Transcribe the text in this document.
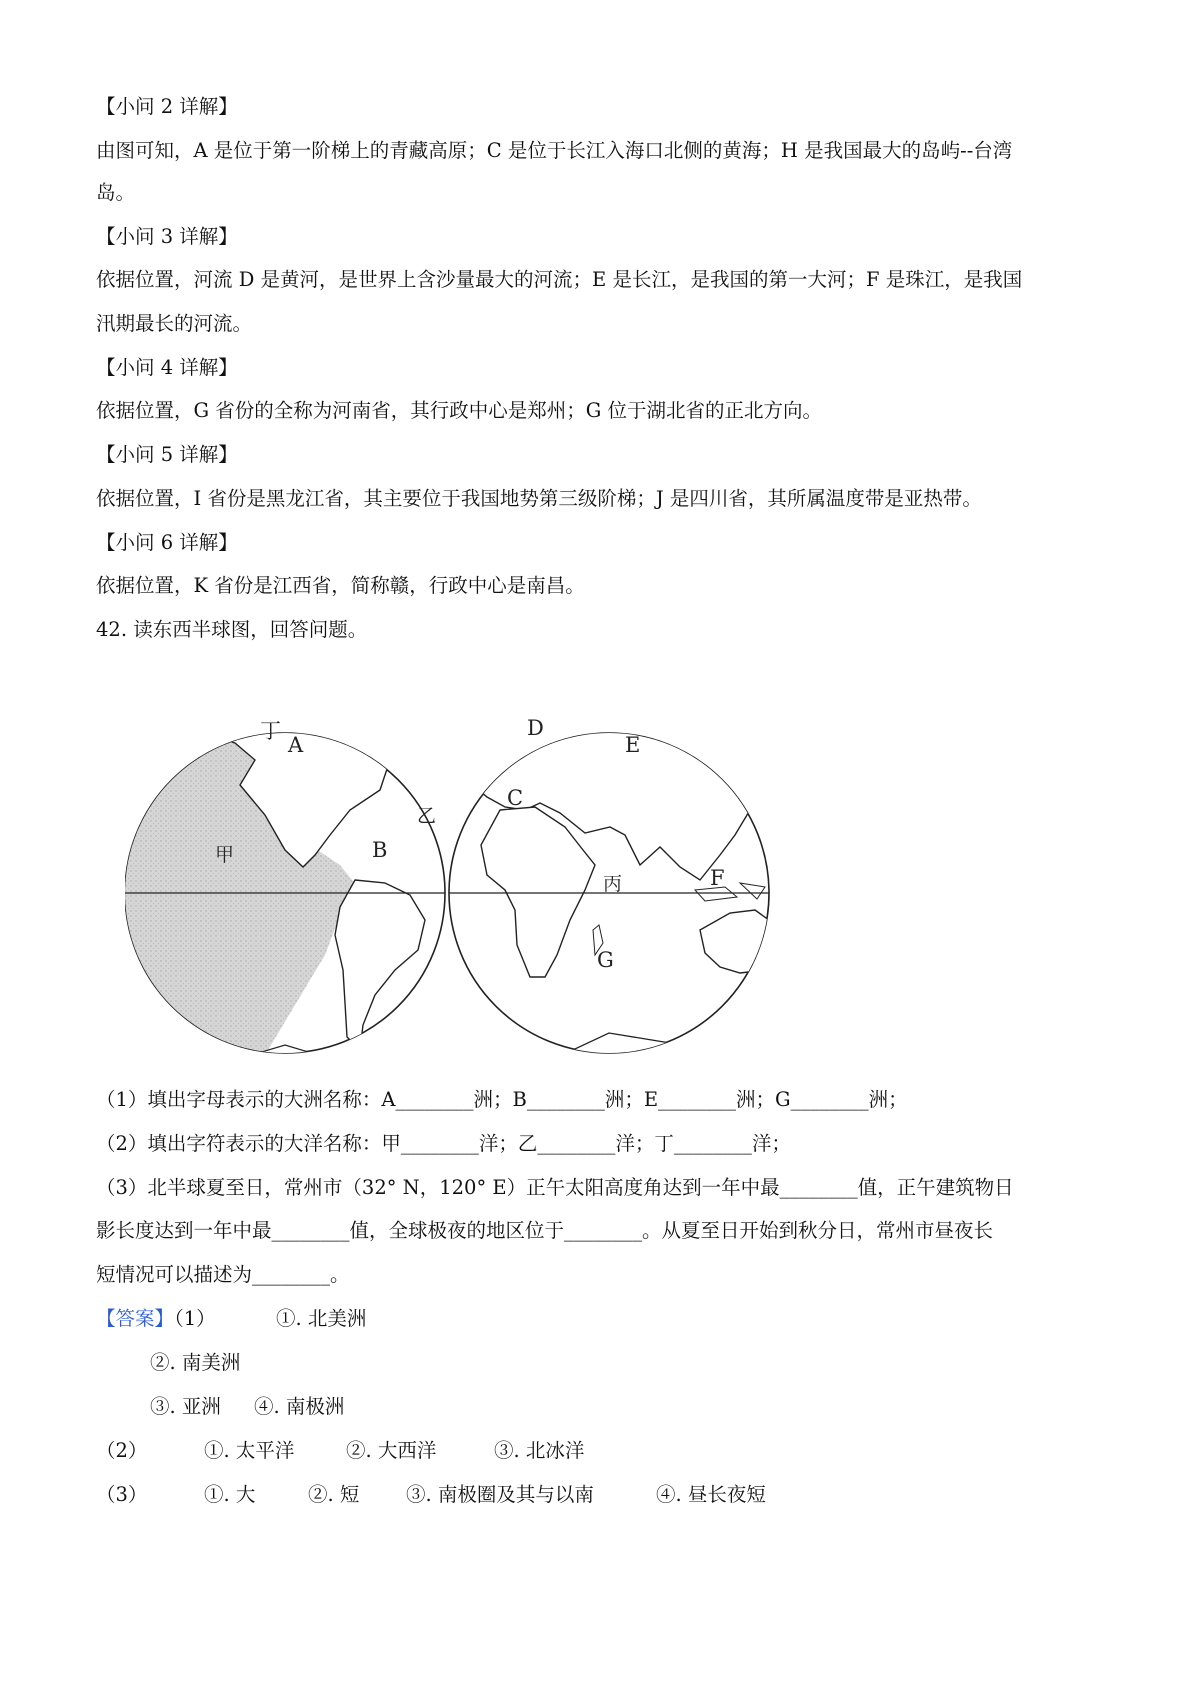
【小问 2 详解】
由图可知，A 是位于第一阶梯上的青藏高原；C 是位于长江入海口北侧的黄海；H 是我国最大的岛屿--台湾
岛。
【小问 3 详解】
依据位置，河流 D 是黄河，是世界上含沙量最大的河流；E 是长江，是我国的第一大河；F 是珠江，是我国
汛期最长的河流。
【小问 4 详解】
依据位置，G 省份的全称为河南省，其行政中心是郑州；G 位于湖北省的正北方向。
【小问 5 详解】
依据位置，I 省份是黑龙江省，其主要位于我国地势第三级阶梯；J 是四川省，其所属温度带是亚热带。
【小问 6 详解】
依据位置，K 省份是江西省，简称赣，行政中心是南昌。
42. 读东西半球图，回答问题。
丁
A
甲	B
乙
D
E
C
丙	F
G
（1）填出字母表示的大洲名称：A________洲；B________洲；E________洲；G________洲；
（2）填出字符表示的大洋名称：甲________洋；乙________洋；丁________洋；
（3）北半球夏至日，常州市（32° N，120° E）正午太阳高度角达到一年中最________值，正午建筑物日
影长度达到一年中最________值，全球极夜的地区位于________。从夏至日开始到秋分日，常州市昼夜长
短情况可以描述为________。
【答案】（1）	①. 北美洲
②. 南美洲
③. 亚洲 ④. 南极洲
（2）	①. 太平洋	②. 大西洋	③. 北冰洋
（3）	①. 大	②. 短 ③. 南极圈及其与以南	④. 昼长夜短
